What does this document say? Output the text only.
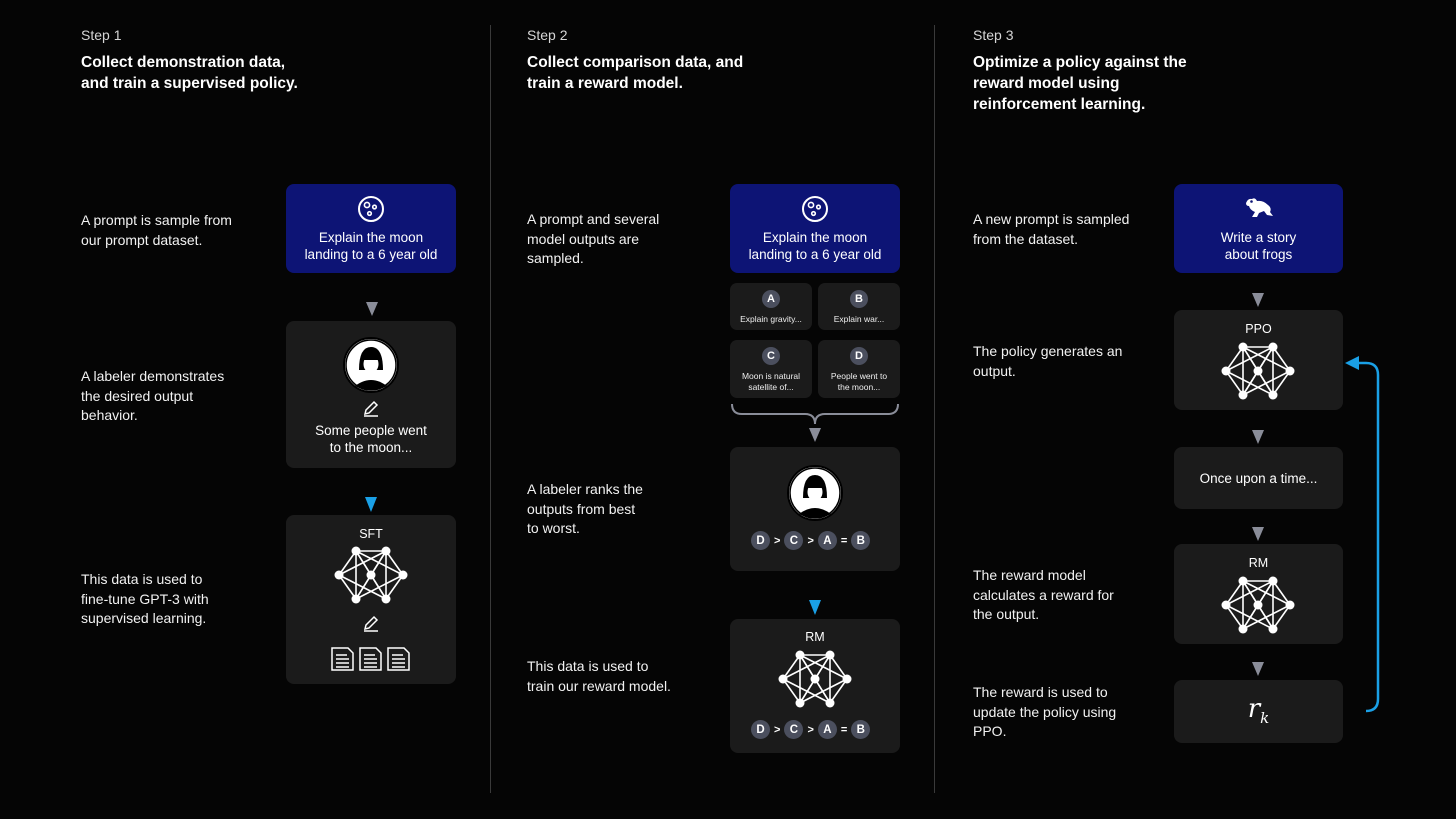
Step 1
Collect demonstration data,
and train a supervised policy.
A prompt is sample from
our prompt dataset.
A labeler demonstrates
the desired output
behavior.
This data is used to
fine-tune GPT-3 with
supervised learning.
Explain the moon
landing to a 6 year old
Some people went
to the moon...
SFT
Step 2
Collect comparison data, and
train a reward model.
A prompt and several
model outputs are
sampled.
A labeler ranks the
outputs from best
to worst.
This data is used to
train our reward model.
Explain the moon
landing to a 6 year old
A
Explain gravity...
B
Explain war...
C
Moon is natural
satellite of...
D
People went to
the moon...
D > C > A = B
RM
D > C > A = B
Step 3
Optimize a policy against the
reward model using
reinforcement learning.
A new prompt is sampled
from the dataset.
The policy generates an
output.
The reward model
calculates a reward for
the output.
The reward is used to
update the policy using
PPO.
Write a story
about frogs
PPO
Once upon a time...
RM
$r_k$
